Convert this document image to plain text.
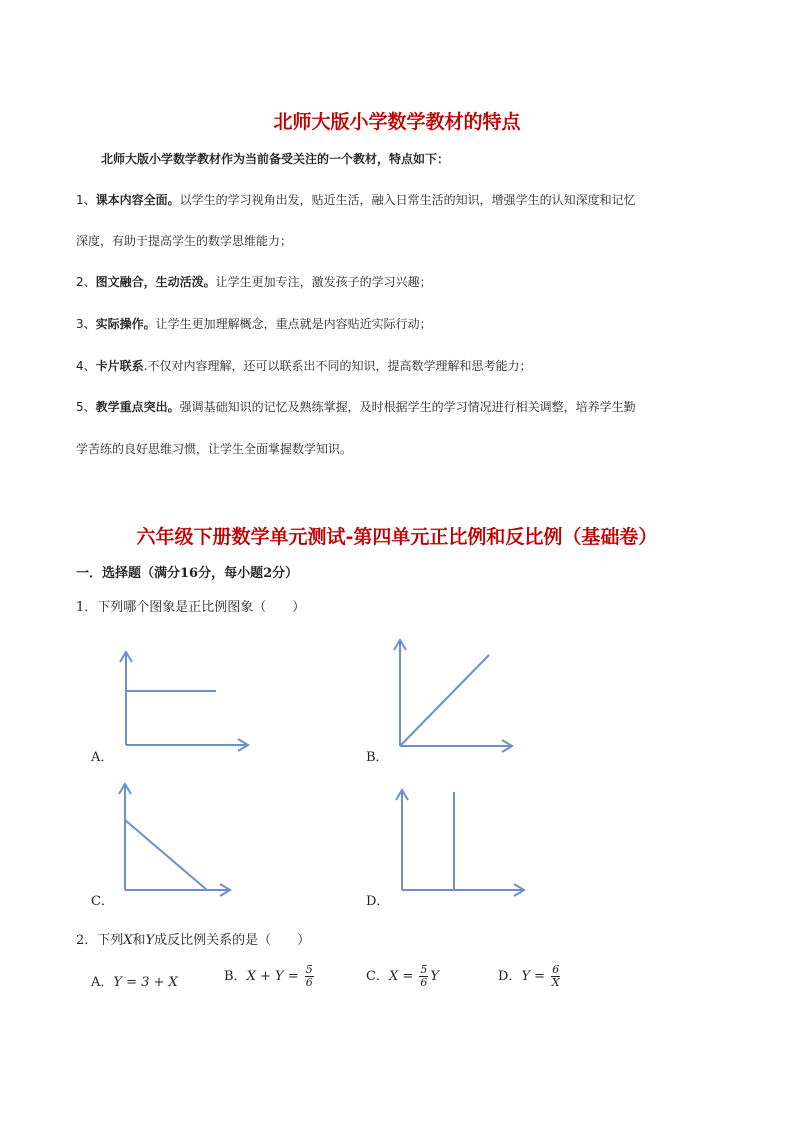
北师大版小学数学教材的特点
北师大版小学数学教材作为当前备受关注的一个教材，特点如下：
1、课本内容全面。以学生的学习视角出发，贴近生活，融入日常生活的知识，增强学生的认知深度和记忆
深度，有助于提高学生的数学思维能力；
2、图文融合，生动活泼。让学生更加专注，激发孩子的学习兴趣；
3、实际操作。让学生更加理解概念，重点就是内容贴近实际行动；
4、卡片联系.不仅对内容理解，还可以联系出不同的知识，提高数学理解和思考能力；
5、教学重点突出。强调基础知识的记忆及熟练掌握，及时根据学生的学习情况进行相关调整，培养学生勤
学苦练的良好思维习惯，让学生全面掌握数学知识。
六年级下册数学单元测试-第四单元正比例和反比例（基础卷）
一．选择题（满分16分，每小题2分）
1．下列哪个图象是正比例图象（　　）
A．	B．
C．	D．
2．下列X和Y成反比例关系的是（　　）
A．Y = 3 + X	B．$X + Y = \frac{5}{6}$	C．$X = \frac{5}{6}$ Y	D．$Y = \frac{6}{X}$
